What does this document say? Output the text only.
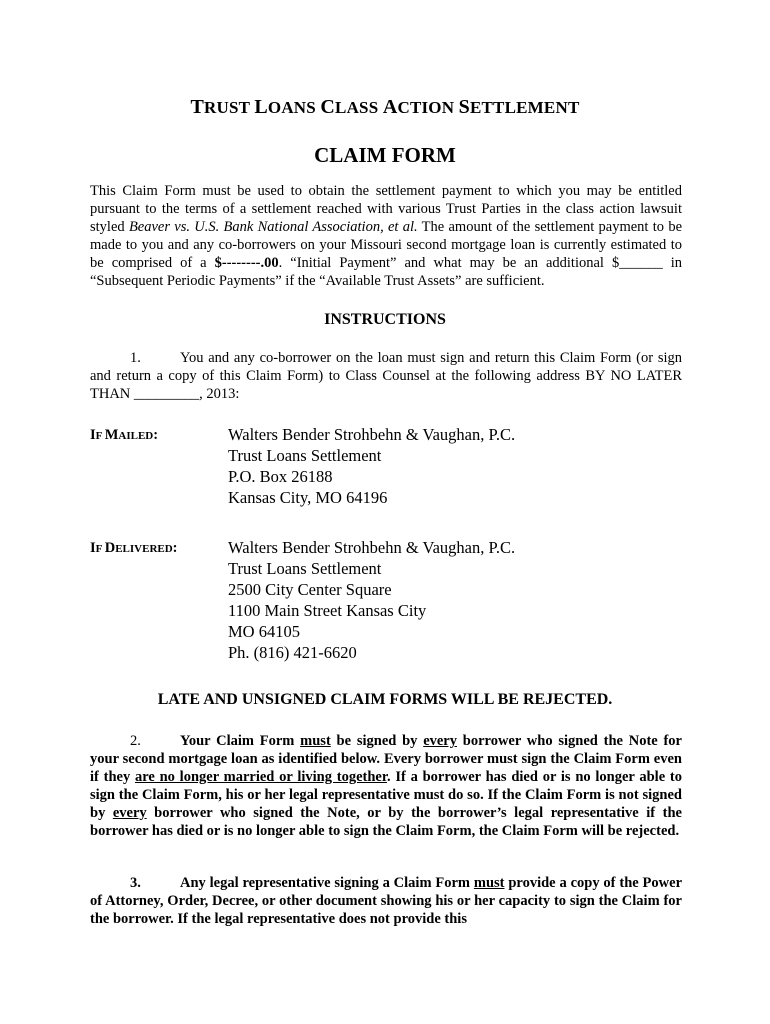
TRUST LOANS CLASS ACTION SETTLEMENT
CLAIM FORM
This Claim Form must be used to obtain the settlement payment to which you may be entitled pursuant to the terms of a settlement reached with various Trust Parties in the class action lawsuit styled Beaver vs. U.S. Bank National Association, et al. The amount of the settlement payment to be made to you and any co-borrowers on your Missouri second mortgage loan is currently estimated to be comprised of a $--------.00. “Initial Payment” and what may be an additional $______ in “Subsequent Periodic Payments” if the “Available Trust Assets” are sufficient.
INSTRUCTIONS
1.	You and any co-borrower on the loan must sign and return this Claim Form (or sign and return a copy of this Claim Form) to Class Counsel at the following address BY NO LATER THAN _________, 2013:
IF MAILED:	Walters Bender Strohbehn & Vaughan, P.C.
Trust Loans Settlement
P.O. Box 26188
Kansas City, MO 64196
IF DELIVERED:	Walters Bender Strohbehn & Vaughan, P.C.
Trust Loans Settlement
2500 City Center Square
1100 Main Street Kansas City
MO 64105
Ph. (816) 421-6620
LATE AND UNSIGNED CLAIM FORMS WILL BE REJECTED.
2.	Your Claim Form must be signed by every borrower who signed the Note for your second mortgage loan as identified below. Every borrower must sign the Claim Form even if they are no longer married or living together. If a borrower has died or is no longer able to sign the Claim Form, his or her legal representative must do so. If the Claim Form is not signed by every borrower who signed the Note, or by the borrower’s legal representative if the borrower has died or is no longer able to sign the Claim Form, the Claim Form will be rejected.
3.	Any legal representative signing a Claim Form must provide a copy of the Power of Attorney, Order, Decree, or other document showing his or her capacity to sign the Claim for the borrower. If the legal representative does not provide this
